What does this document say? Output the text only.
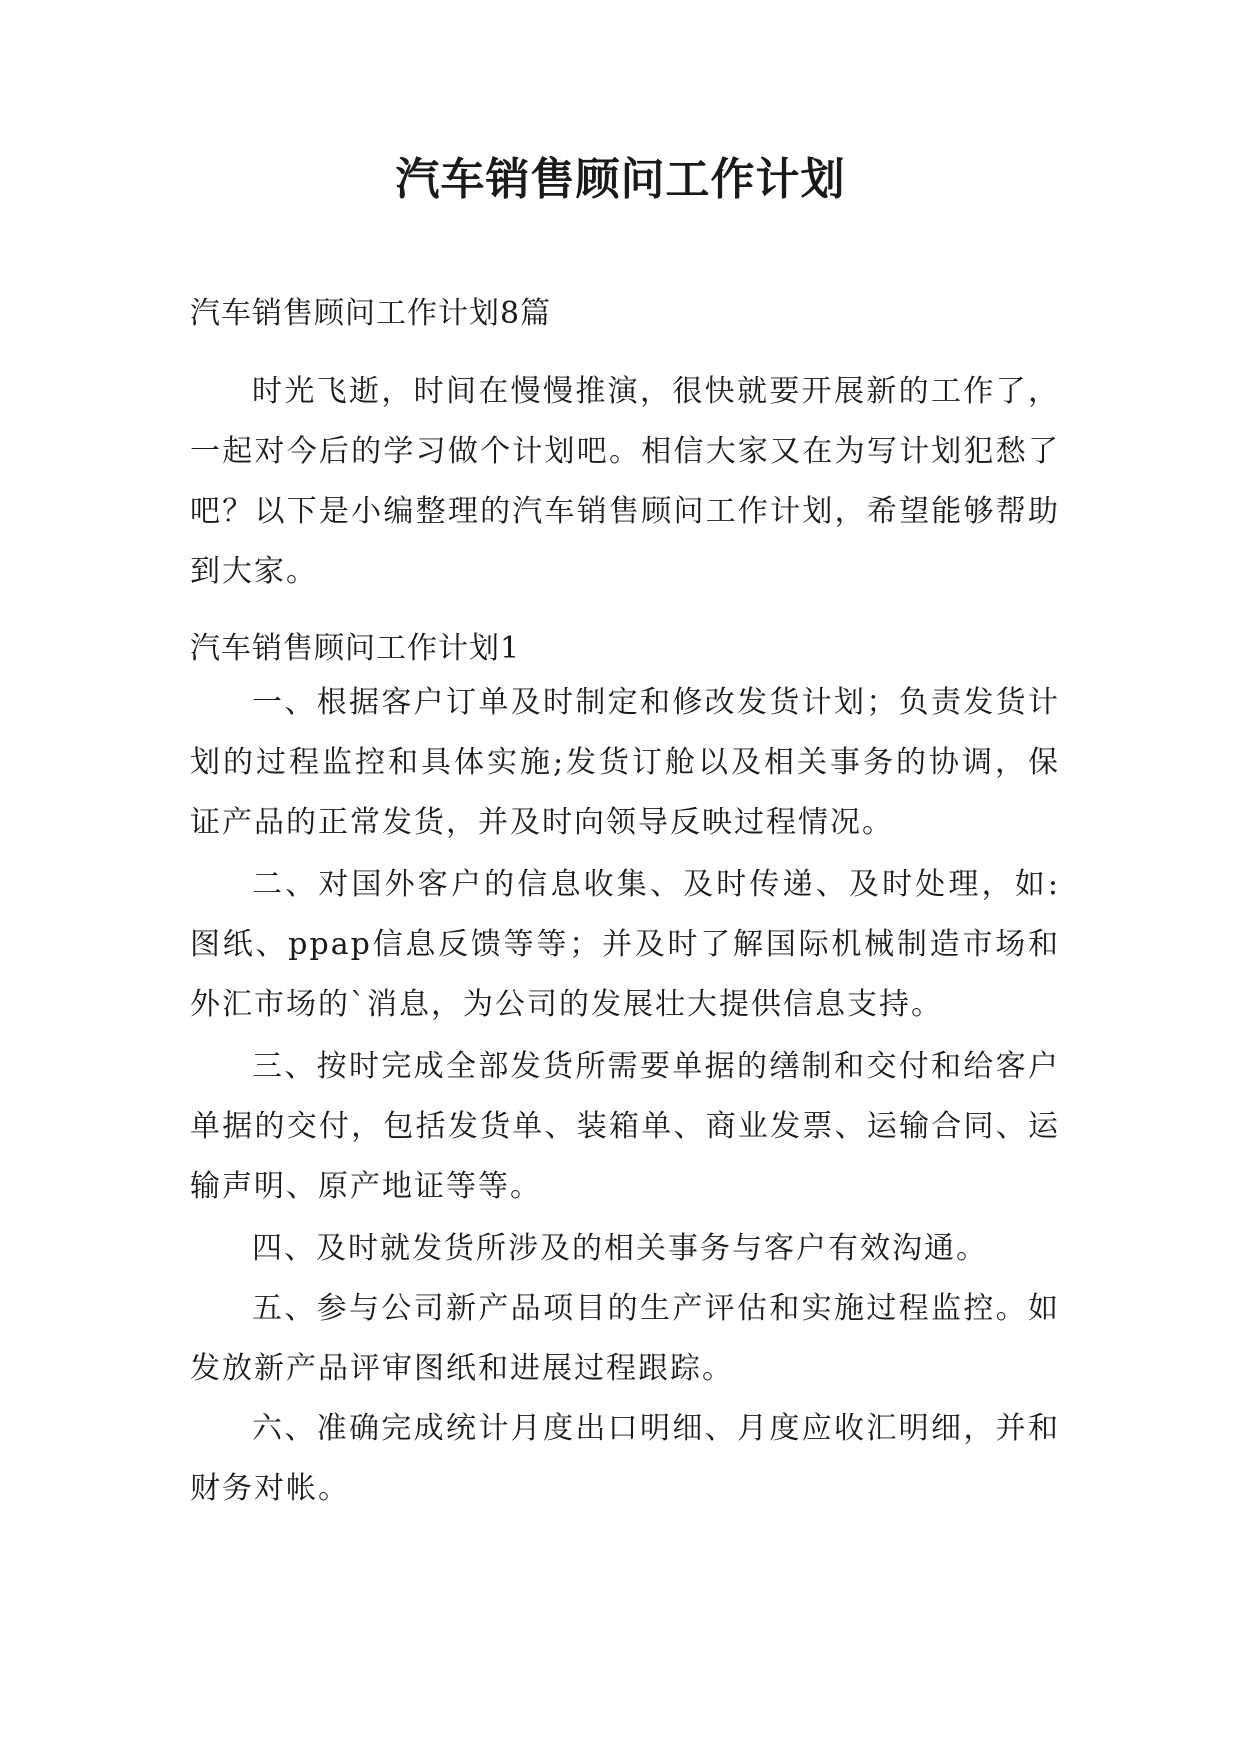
汽车销售顾问工作计划
汽车销售顾问工作计划8篇
时光飞逝，时间在慢慢推演，很快就要开展新的工作了，一起对今后的学习做个计划吧。相信大家又在为写计划犯愁了吧？以下是小编整理的汽车销售顾问工作计划，希望能够帮助到大家。
汽车销售顾问工作计划1
一、根据客户订单及时制定和修改发货计划；负责发货计划的过程监控和具体实施;发货订舱以及相关事务的协调，保证产品的正常发货，并及时向领导反映过程情况。
二、对国外客户的信息收集、及时传递、及时处理，如:图纸、ppap信息反馈等等；并及时了解国际机械制造市场和外汇市场的`消息，为公司的发展壮大提供信息支持。
三、按时完成全部发货所需要单据的缮制和交付和给客户单据的交付，包括发货单、装箱单、商业发票、运输合同、运输声明、原产地证等等。
四、及时就发货所涉及的相关事务与客户有效沟通。
五、参与公司新产品项目的生产评估和实施过程监控。如发放新产品评审图纸和进展过程跟踪。
六、准确完成统计月度出口明细、月度应收汇明细，并和财务对帐。
